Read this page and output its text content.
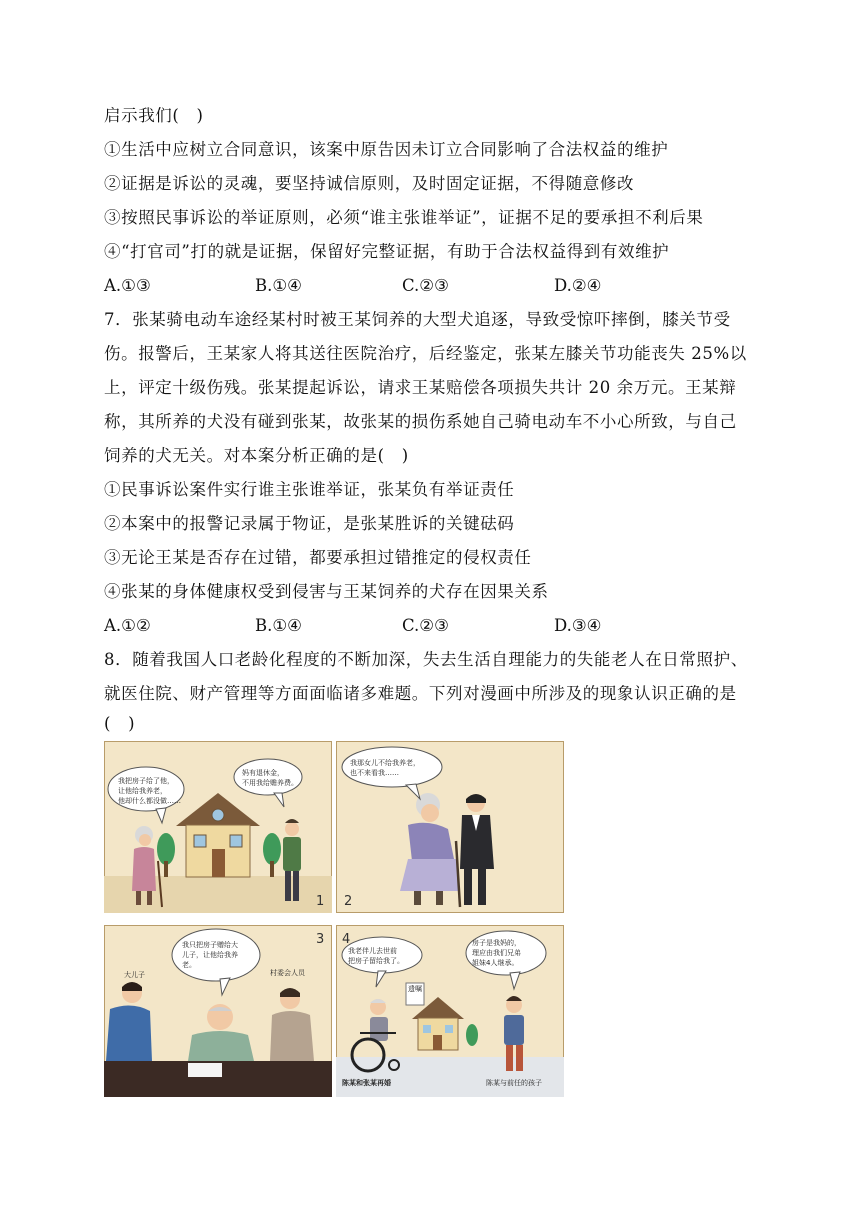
启示我们(　)
①生活中应树立合同意识，该案中原告因未订立合同影响了合法权益的维护
②证据是诉讼的灵魂，要坚持诚信原则，及时固定证据，不得随意修改
③按照民事诉讼的举证原则，必须“谁主张谁举证”，证据不足的要承担不利后果
④“打官司”打的就是证据，保留好完整证据，有助于合法权益得到有效维护
A.①③	B.①④	C.②③	D.②④
7．张某骑电动车途经某村时被王某饲养的大型犬追逐，导致受惊吓摔倒，膝关节受
伤。报警后，王某家人将其送往医院治疗，后经鉴定，张某左膝关节功能丧失 25%以
上，评定十级伤残。张某提起诉讼，请求王某赔偿各项损失共计 20 余万元。王某辩
称，其所养的犬没有碰到张某，故张某的损伤系她自己骑电动车不小心所致，与自己
饲养的犬无关。对本案分析正确的是(　)
①民事诉讼案件实行谁主张谁举证，张某负有举证责任
②本案中的报警记录属于物证，是张某胜诉的关键砝码
③无论王某是否存在过错，都要承担过错推定的侵权责任
④张某的身体健康权受到侵害与王某饲养的犬存在因果关系
A.①②	B.①④	C.②③	D.③④
8．随着我国人口老龄化程度的不断加深，失去生活自理能力的失能老人在日常照护、
就医住院、财产管理等方面面临诸多难题。下列对漫画中所涉及的现象认识正确的是
(　)
我把房子给了他，
让他给我养老，
他却什么都没做……
妈有退休金，
不用我给赡养费。
1
我那女儿不给我养老，
也不来看我……
2
我只把房子赠给大
儿子，让他给我养
老。
大儿子	村委会人员
3
遗嘱
我老伴儿去世前
把房子留给我了。
房子是我妈的，
理应由我们兄弟
姐妹4人继承。
陈某和张某再婚	陈某与前任的孩子
4
